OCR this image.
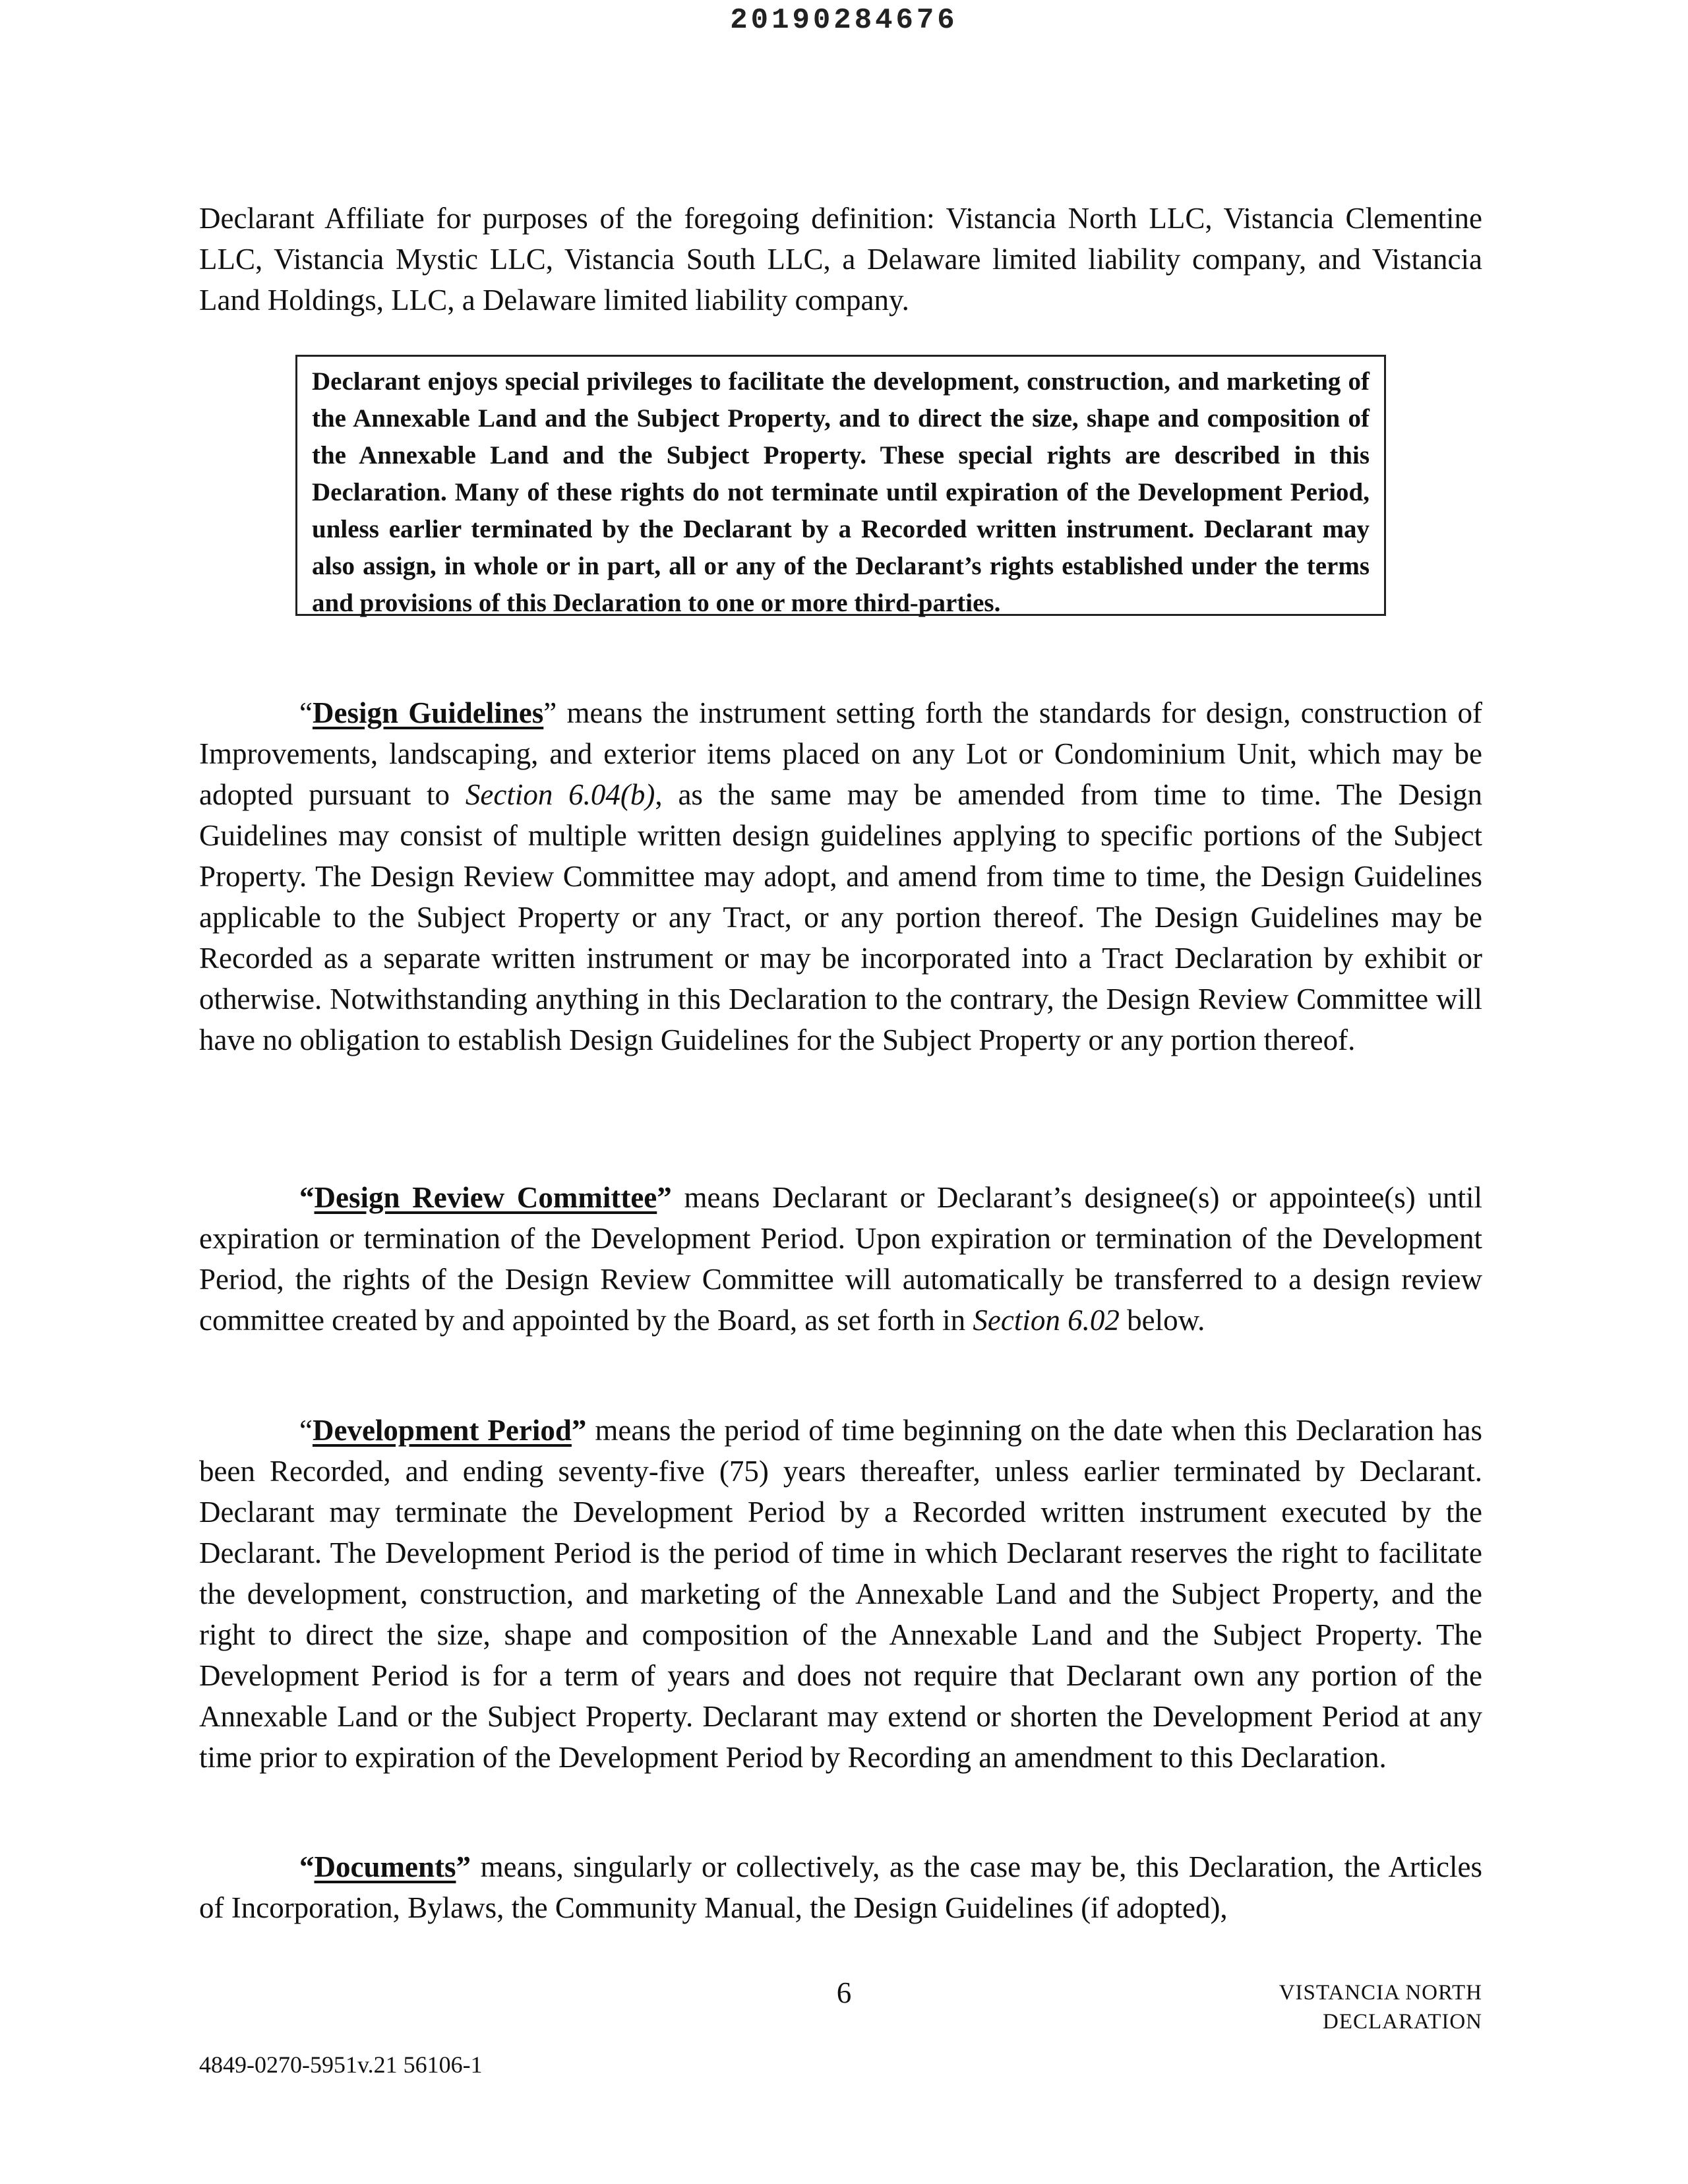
20190284676

Declarant Affiliate for purposes of the foregoing definition: Vistancia North LLC, Vistancia Clementine LLC, Vistancia Mystic LLC, Vistancia South LLC, a Delaware limited liability company, and Vistancia Land Holdings, LLC, a Delaware limited liability company.

Declarant enjoys special privileges to facilitate the development, construction, and marketing of the Annexable Land and the Subject Property, and to direct the size, shape and composition of the Annexable Land and the Subject Property. These special rights are described in this Declaration. Many of these rights do not terminate until expiration of the Development Period, unless earlier terminated by the Declarant by a Recorded written instrument. Declarant may also assign, in whole or in part, all or any of the Declarant’s rights established under the terms and provisions of this Declaration to one or more third-parties.

“Design Guidelines” means the instrument setting forth the standards for design, construction of Improvements, landscaping, and exterior items placed on any Lot or Condominium Unit, which may be adopted pursuant to Section 6.04(b), as the same may be amended from time to time. The Design Guidelines may consist of multiple written design guidelines applying to specific portions of the Subject Property. The Design Review Committee may adopt, and amend from time to time, the Design Guidelines applicable to the Subject Property or any Tract, or any portion thereof. The Design Guidelines may be Recorded as a separate written instrument or may be incorporated into a Tract Declaration by exhibit or otherwise. Notwithstanding anything in this Declaration to the contrary, the Design Review Committee will have no obligation to establish Design Guidelines for the Subject Property or any portion thereof.

“Design Review Committee” means Declarant or Declarant’s designee(s) or appointee(s) until expiration or termination of the Development Period. Upon expiration or termination of the Development Period, the rights of the Design Review Committee will automatically be transferred to a design review committee created by and appointed by the Board, as set forth in Section 6.02 below.

“Development Period” means the period of time beginning on the date when this Declaration has been Recorded, and ending seventy-five (75) years thereafter, unless earlier terminated by Declarant. Declarant may terminate the Development Period by a Recorded written instrument executed by the Declarant. The Development Period is the period of time in which Declarant reserves the right to facilitate the development, construction, and marketing of the Annexable Land and the Subject Property, and the right to direct the size, shape and composition of the Annexable Land and the Subject Property. The Development Period is for a term of years and does not require that Declarant own any portion of the Annexable Land or the Subject Property. Declarant may extend or shorten the Development Period at any time prior to expiration of the Development Period by Recording an amendment to this Declaration.

“Documents” means, singularly or collectively, as the case may be, this Declaration, the Articles of Incorporation, Bylaws, the Community Manual, the Design Guidelines (if adopted),

6	VISTANCIA NORTH
DECLARATION
4849-0270-5951v.21 56106-1
